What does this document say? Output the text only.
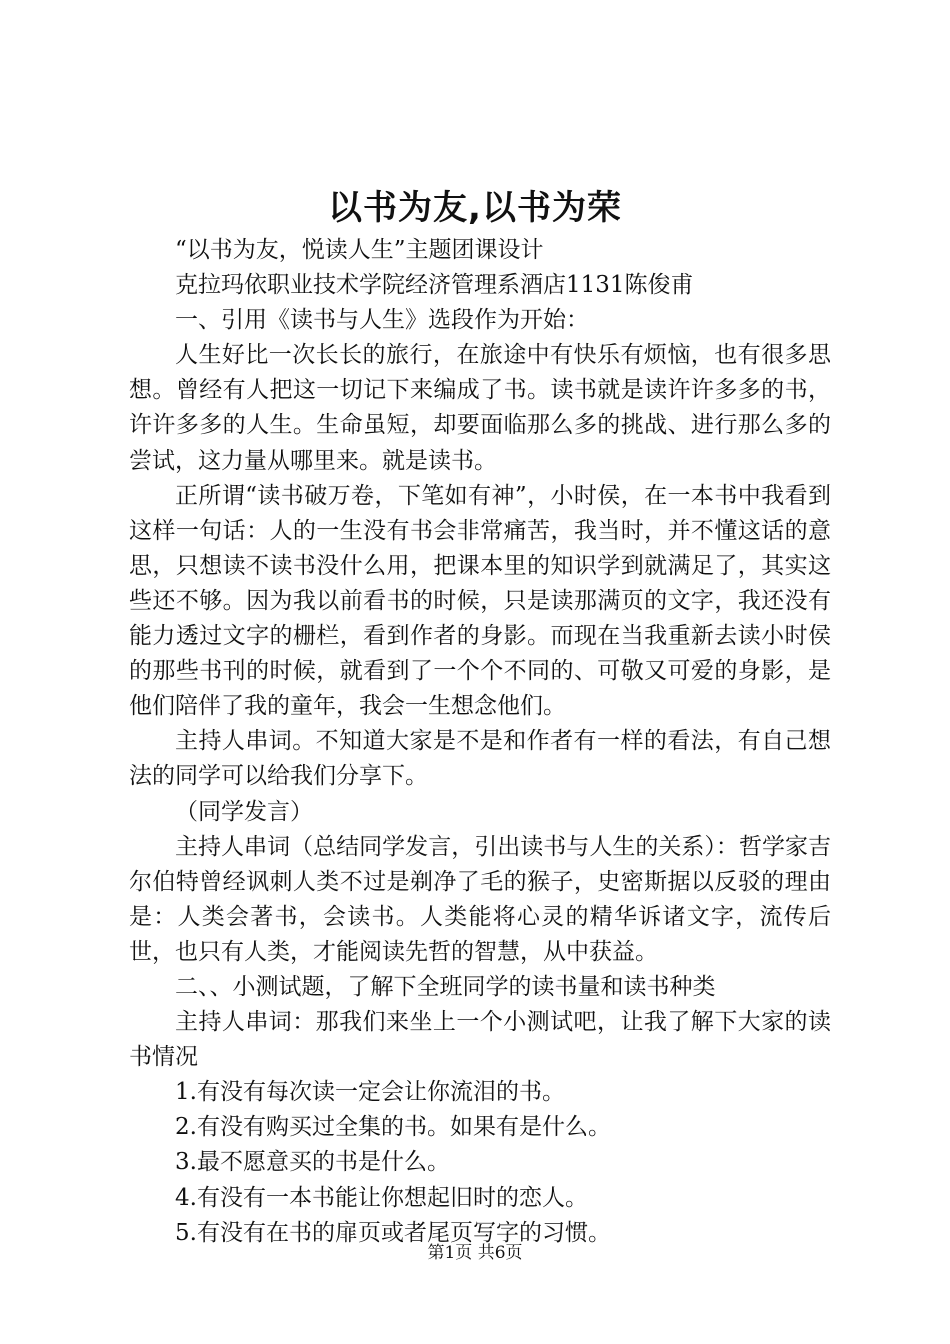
以书为友,以书为荣

“以书为友，悦读人生”主题团课设计

克拉玛依职业技术学院经济管理系酒店1131陈俊甫

一、引用《读书与人生》选段作为开始：

人生好比一次长长的旅行，在旅途中有快乐有烦恼，也有很多思想。曾经有人把这一切记下来编成了书。读书就是读许许多多的书，许许多多的人生。生命虽短，却要面临那么多的挑战、进行那么多的尝试，这力量从哪里来。就是读书。

正所谓“读书破万卷，下笔如有神”，小时侯，在一本书中我看到这样一句话：人的一生没有书会非常痛苦，我当时，并不懂这话的意思，只想读不读书没什么用，把课本里的知识学到就满足了，其实这些还不够。因为我以前看书的时候，只是读那满页的文字，我还没有能力透过文字的栅栏，看到作者的身影。而现在当我重新去读小时侯的那些书刊的时候，就看到了一个个不同的、可敬又可爱的身影，是他们陪伴了我的童年，我会一生想念他们。

主持人串词。不知道大家是不是和作者有一样的看法，有自己想法的同学可以给我们分享下。

（同学发言）

主持人串词（总结同学发言，引出读书与人生的关系）：哲学家吉尔伯特曾经讽刺人类不过是剃净了毛的猴子，史密斯据以反驳的理由是：人类会著书，会读书。人类能将心灵的精华诉诸文字，流传后世，也只有人类，才能阅读先哲的智慧，从中获益。

二、、小测试题，了解下全班同学的读书量和读书种类

主持人串词：那我们来坐上一个小测试吧，让我了解下大家的读书情况

1.有没有每次读一定会让你流泪的书。

2.有没有购买过全集的书。如果有是什么。

3.最不愿意买的书是什么。

4.有没有一本书能让你想起旧时的恋人。

5.有没有在书的扉页或者尾页写字的习惯。

第1页 共6页
